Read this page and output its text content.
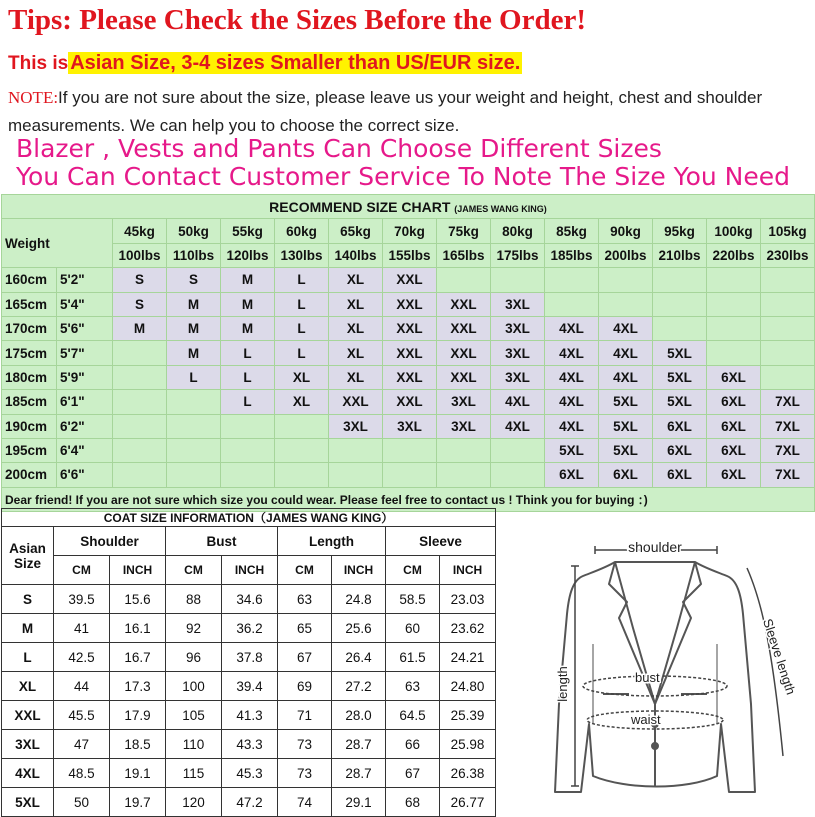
Tips: Please Check the Sizes Before the Order!
This is Asian Size, 3-4 sizes Smaller than US/EUR size.
NOTE:If you are not sure about the size, please leave us your weight and height, chest and shoulder measurements. We can help you to choose the correct size.
Blazer , Vests and Pants Can Choose Different Sizes
You Can Contact Customer Service To Note The Size You Need
RECOMMEND SIZE CHART (JAMES WANG KING)														
Weight		45kg	50kg	55kg	60kg	65kg	70kg	75kg	80kg	85kg	90kg	95kg	100kg	105kg
		100lbs	110lbs	120lbs	130lbs	140lbs	155lbs	165lbs	175lbs	185lbs	200lbs	210lbs	220lbs	230lbs
160cm	5'2"	S	S	M	L	XL	XXL							
165cm	5'4"	S	M	M	L	XL	XXL	XXL	3XL					
170cm	5'6"	M	M	M	L	XL	XXL	XXL	3XL	4XL	4XL			
175cm	5'7"		M	L	L	XL	XXL	XXL	3XL	4XL	4XL	5XL		
180cm	5'9"		L	L	XL	XL	XXL	XXL	3XL	4XL	4XL	5XL	6XL	
185cm	6'1"			L	XL	XXL	XXL	3XL	4XL	4XL	5XL	5XL	6XL	7XL
190cm	6'2"					3XL	3XL	3XL	4XL	4XL	5XL	6XL	6XL	7XL
195cm	6'4"									5XL	5XL	6XL	6XL	7XL
200cm	6'6"									6XL	6XL	6XL	6XL	7XL
Dear friend! If you are not sure which size you could wear. Please feel free to contact us ! Think you for buying ：)														
COAT SIZE INFORMATION（JAMES WANG KING）								
Asian Size	Shoulder		Bust		Length		Sleeve	
	CM	INCH	CM	INCH	CM	INCH	CM	INCH
S	39.5	15.6	88	34.6	63	24.8	58.5	23.03
M	41	16.1	92	36.2	65	25.6	60	23.62
L	42.5	16.7	96	37.8	67	26.4	61.5	24.21
XL	44	17.3	100	39.4	69	27.2	63	24.80
XXL	45.5	17.9	105	41.3	71	28.0	64.5	25.39
3XL	47	18.5	110	43.3	73	28.7	66	25.98
4XL	48.5	19.1	115	45.3	73	28.7	67	26.38
5XL	50	19.7	120	47.2	74	29.1	68	26.77
shoulder
length	bust
waist
Sleeve length
